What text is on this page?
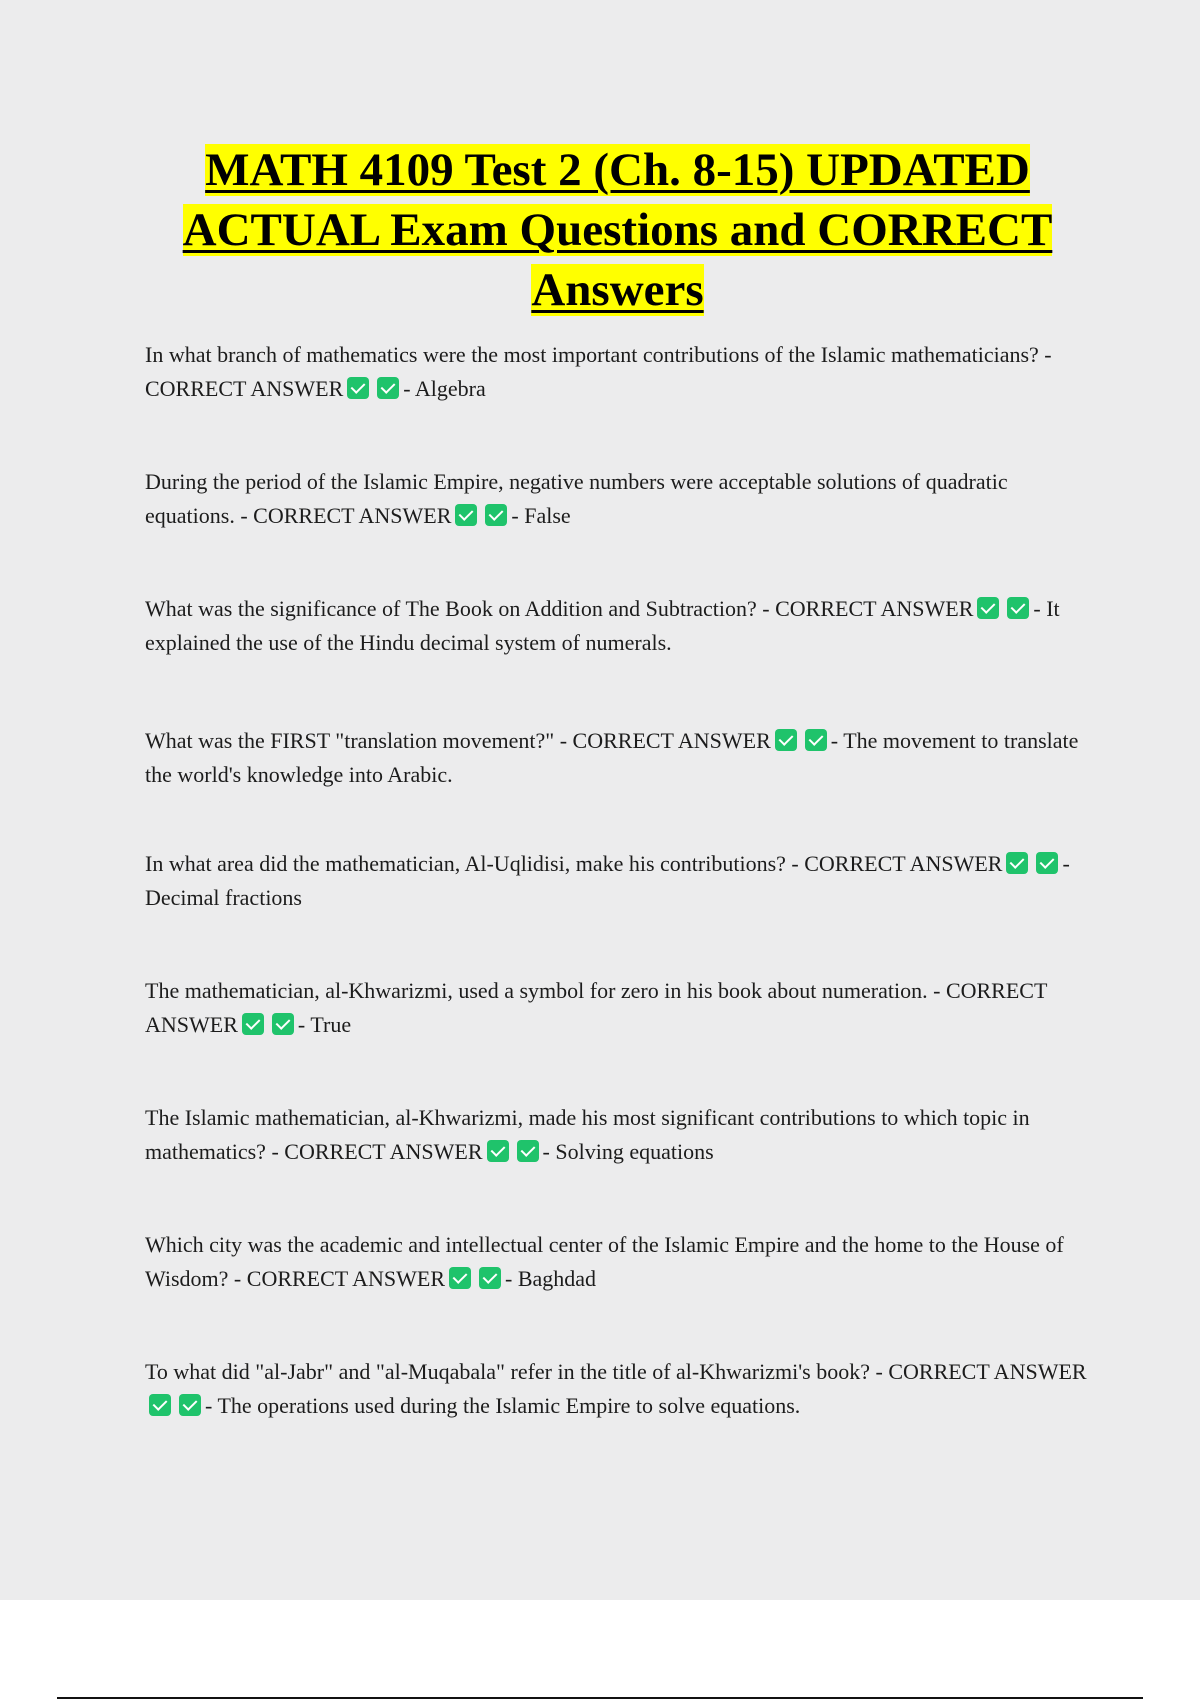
MATH 4109 Test 2 (Ch. 8-15) UPDATED
ACTUAL Exam Questions and CORRECT
Answers

In what branch of mathematics were the most important contributions of the Islamic mathematicians? - CORRECT ANSWER	- Algebra

During the period of the Islamic Empire, negative numbers were acceptable solutions of quadratic equations. - CORRECT ANSWER	- False

What was the significance of The Book on Addition and Subtraction? - CORRECT ANSWER	- It explained the use of the Hindu decimal system of numerals.

What was the FIRST "translation movement?" - CORRECT ANSWER	- The movement to translate the world's knowledge into Arabic.

In what area did the mathematician, Al-Uqlidisi, make his contributions? - CORRECT ANSWER	- Decimal fractions

The mathematician, al-Khwarizmi, used a symbol for zero in his book about numeration. - CORRECT ANSWER	- True

The Islamic mathematician, al-Khwarizmi, made his most significant contributions to which topic in mathematics? - CORRECT ANSWER	- Solving equations

Which city was the academic and intellectual center of the Islamic Empire and the home to the House of Wisdom? - CORRECT ANSWER	- Baghdad

To what did "al-Jabr" and "al-Muqabala" refer in the title of al-Khwarizmi's book? - CORRECT ANSWER- The operations used during the Islamic Empire to solve equations.
